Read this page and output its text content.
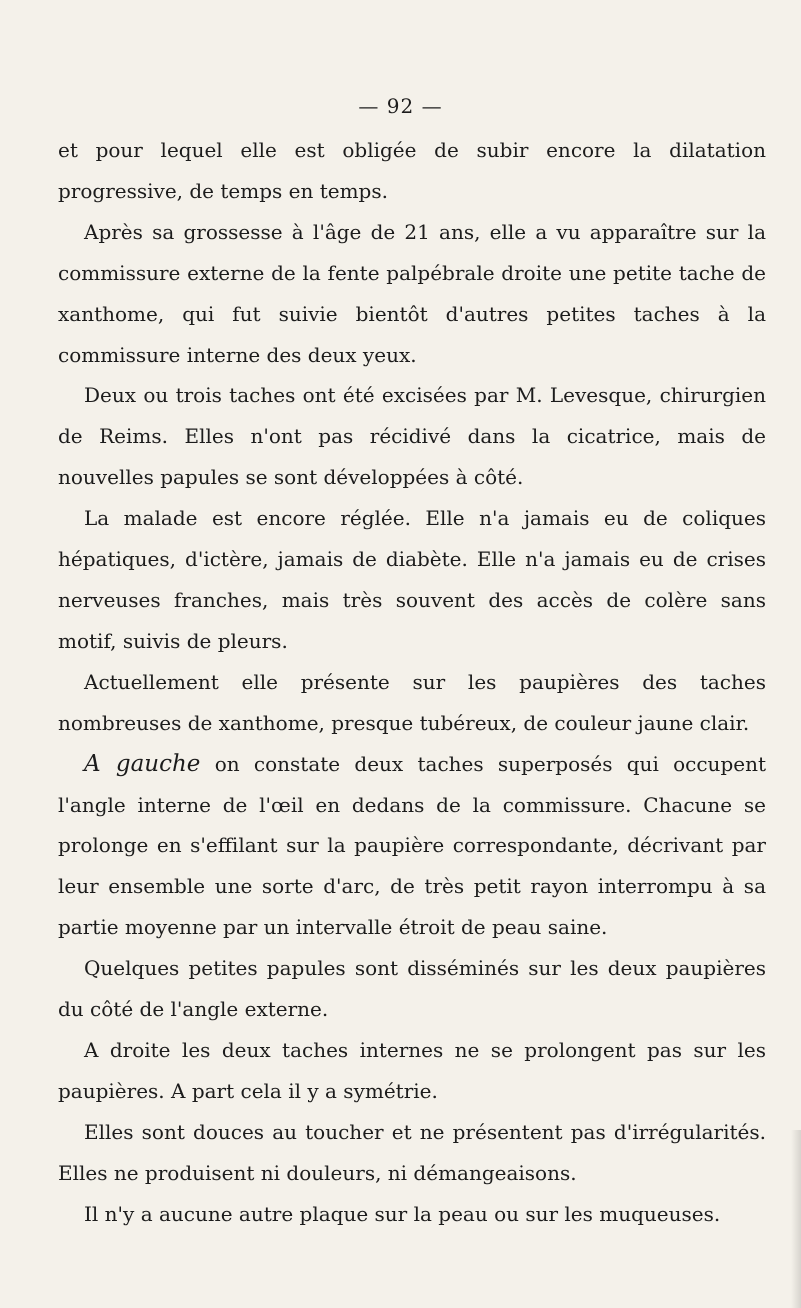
— 92 —

et pour lequel elle est obligée de subir encore la dilatation progressive, de temps en temps.

Après sa grossesse à l'âge de 21 ans, elle a vu apparaître sur la commissure externe de la fente palpébrale droite une petite tache de xanthome, qui fut suivie bientôt d'autres petites taches à la commissure interne des deux yeux.

Deux ou trois taches ont été excisées par M. Levesque, chirurgien de Reims. Elles n'ont pas récidivé dans la cicatrice, mais de nouvelles papules se sont développées à côté.

La malade est encore réglée. Elle n'a jamais eu de coliques hépatiques, d'ictère, jamais de diabète. Elle n'a jamais eu de crises nerveuses franches, mais très souvent des accès de colère sans motif, suivis de pleurs.

Actuellement elle présente sur les paupières des taches nombreuses de xanthome, presque tubéreux, de couleur jaune clair.

A gauche on constate deux taches superposés qui occupent l'angle interne de l'œil en dedans de la commissure. Chacune se prolonge en s'effilant sur la paupière correspondante, décrivant par leur ensemble une sorte d'arc, de très petit rayon interrompu à sa partie moyenne par un intervalle étroit de peau saine.

Quelques petites papules sont disséminés sur les deux paupières du côté de l'angle externe.

A droite les deux taches internes ne se prolongent pas sur les paupières. A part cela il y a symétrie.

Elles sont douces au toucher et ne présentent pas d'irrégularités. Elles ne produisent ni douleurs, ni démangeaisons.

Il n'y a aucune autre plaque sur la peau ou sur les muqueuses.
